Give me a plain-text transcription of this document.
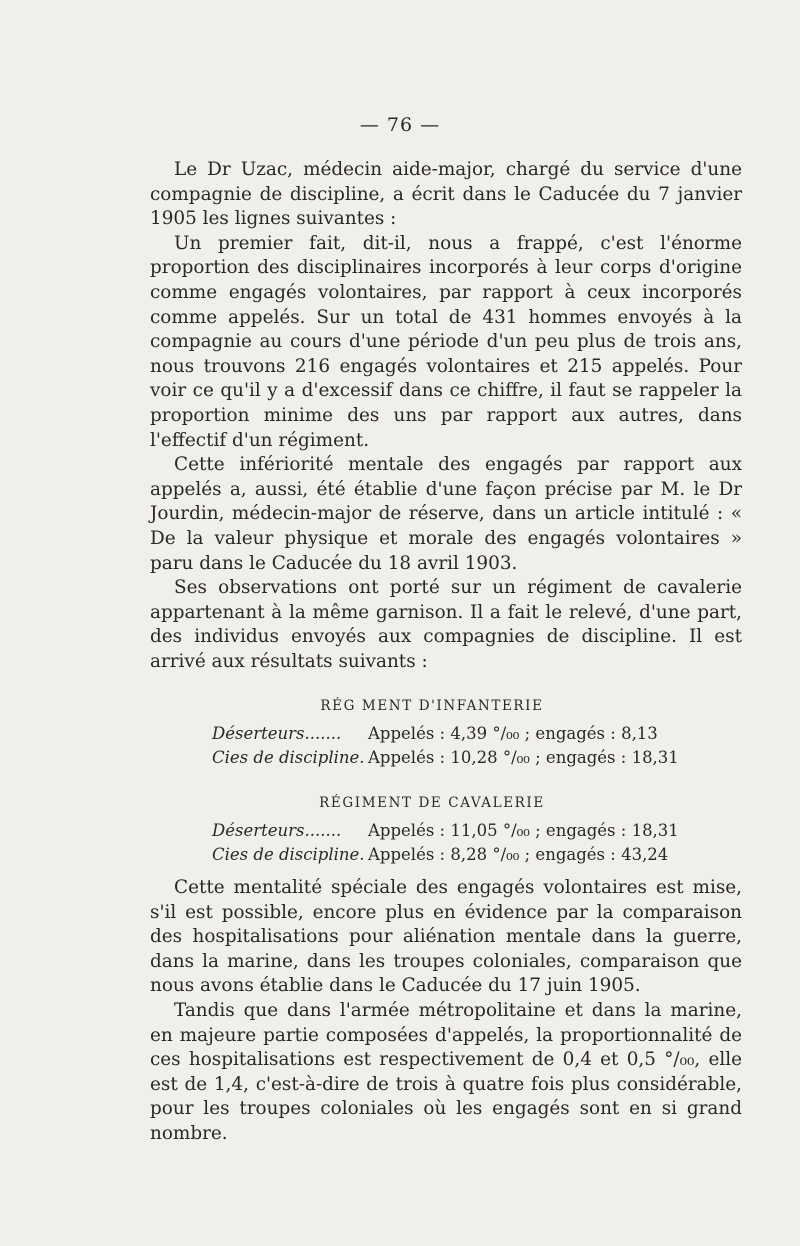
— 76 —

Le Dr Uzac, médecin aide-major, chargé du service d'une compagnie de discipline, a écrit dans le Caducée du 7 janvier 1905 les lignes suivantes :

Un premier fait, dit-il, nous a frappé, c'est l'énorme proportion des disciplinaires incorporés à leur corps d'origine comme engagés volontaires, par rapport à ceux incorporés comme appelés. Sur un total de 431 hommes envoyés à la compagnie au cours d'une période d'un peu plus de trois ans, nous trouvons 216 engagés volontaires et 215 appelés. Pour voir ce qu'il y a d'excessif dans ce chiffre, il faut se rappeler la proportion minime des uns par rapport aux autres, dans l'effectif d'un régiment.

Cette infériorité mentale des engagés par rapport aux appelés a, aussi, été établie d'une façon précise par M. le Dr Jourdin, médecin-major de réserve, dans un article intitulé : « De la valeur physique et morale des engagés volontaires » paru dans le Caducée du 18 avril 1903.

Ses observations ont porté sur un régiment de cavalerie appartenant à la même garnison. Il a fait le relevé, d'une part, des individus envoyés aux compagnies de discipline. Il est arrivé aux résultats suivants :

RÉG MENT D'INFANTERIE
Déserteurs.......	Appelés : 4,39 °/₀₀ ; engagés : 8,13
Cies de discipline. Appelés : 10,28 °/₀₀ ; engagés : 18,31
RÉGIMENT DE CAVALERIE
Déserteurs.......	Appelés : 11,05 °/₀₀ ; engagés : 18,31
Cies de discipline. Appelés : 8,28 °/₀₀ ; engagés : 43,24

Cette mentalité spéciale des engagés volontaires est mise, s'il est possible, encore plus en évidence par la comparaison des hospitalisations pour aliénation mentale dans la guerre, dans la marine, dans les troupes coloniales, comparaison que nous avons établie dans le Caducée du 17 juin 1905.

Tandis que dans l'armée métropolitaine et dans la marine, en majeure partie composées d'appelés, la proportionnalité de ces hospitalisations est respectivement de 0,4 et 0,5 °/₀₀, elle est de 1,4, c'est-à-dire de trois à quatre fois plus considérable, pour les troupes coloniales où les engagés sont en si grand nombre.
